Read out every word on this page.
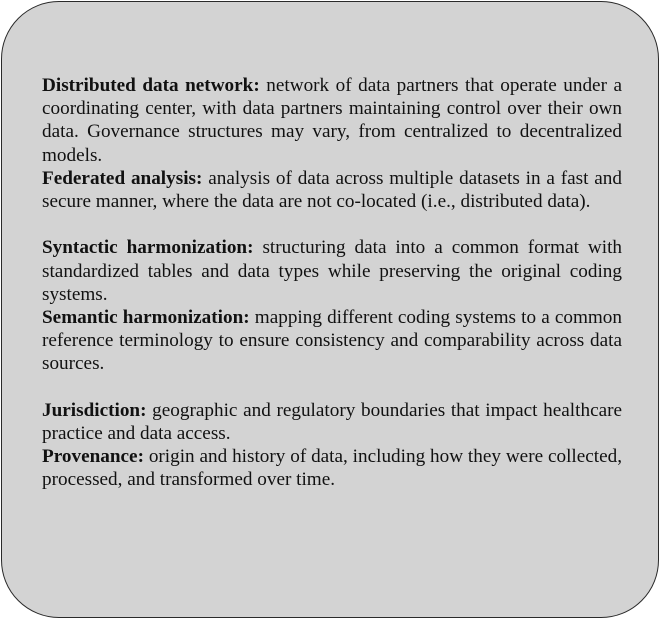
Distributed data network: network of data partners that operate under a coordinating center, with data partners maintaining control over their own data. Governance structures may vary, from centralized to decentralized models.

Federated analysis: analysis of data across multiple datasets in a fast and secure manner, where the data are not co-located (i.e., distributed data).

Syntactic harmonization: structuring data into a common format with standardized tables and data types while preserving the original coding systems.

Semantic harmonization: mapping different coding systems to a common reference terminology to ensure consistency and comparability across data sources.

Jurisdiction: geographic and regulatory boundaries that impact healthcare practice and data access.

Provenance: origin and history of data, including how they were collected, processed, and transformed over time.
